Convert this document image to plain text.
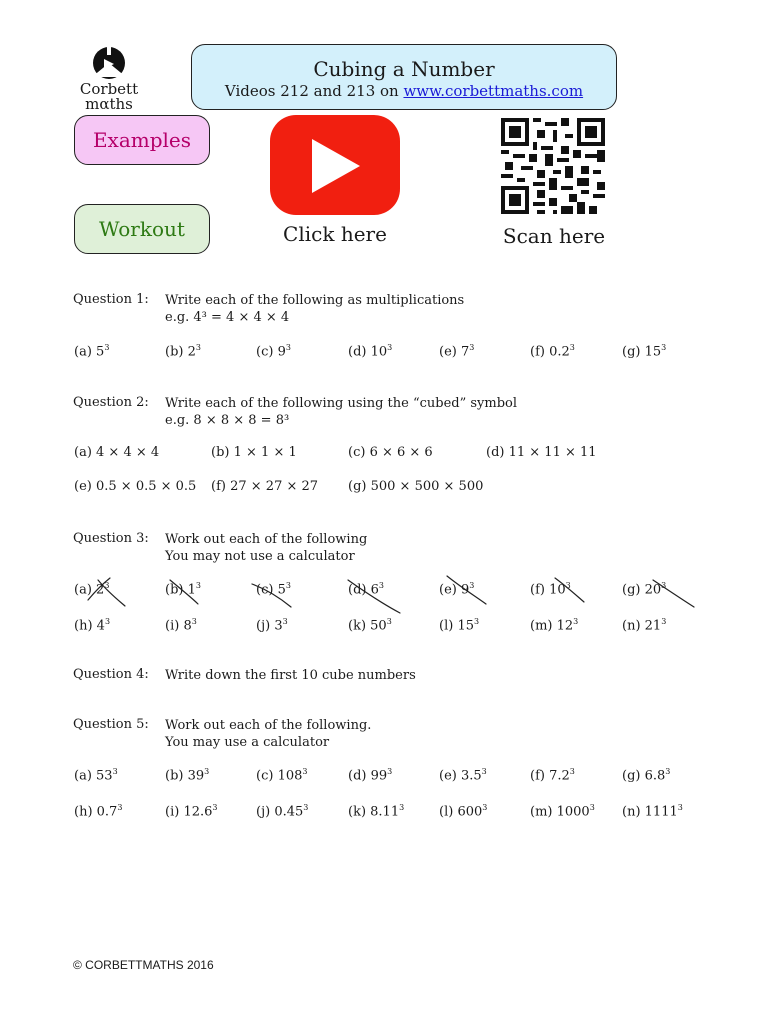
Corbett
mαths
Cubing a Number
Videos 212 and 213 on www.corbettmaths.com
Examples
Workout	Click here	Scan here
Question 1: Write each of the following as multiplications
e.g. 4³ = 4 × 4 × 4
(a) $5^3$	(b) $2^3$	(c) $9^3$	(d) $10^3$	(e) $7^3$	(f) $0.2^3$	(g) $15^3$
Question 2: Write each of the following using the “cubed” symbol
e.g. 8 × 8 × 8 = 8³
(a) 4 × 4 × 4	(b) 1 × 1 × 1	(c) 6 × 6 × 6	(d) 11 × 11 × 11
(e) 0.5 × 0.5 × 0.5 (f) 27 × 27 × 27 (g) 500 × 500 × 500
Question 3: Work out each of the following
You may not use a calculator
(a) $2^3$	(b) $1^3$	(c) $5^3$	(d) $6^3$	(e) $9^3$	(f) $10^3$	(g) $20^3$
(h) $4^3$	(i) $8^3$	(j) $3^3$	(k) $50^3$	(l) $15^3$	(m) $12^3$	(n) $21^3$
Question 4: Write down the first 10 cube numbers
Question 5: Work out each of the following.
You may use a calculator
(a) $53^3$	(b) $39^3$	(c) $108^3$	(d) $99^3$	(e) $3.5^3$	(f) $7.2^3$	(g) $6.8^3$
(h) $0.7^3$	(i) 12.6$^3$	(j) 0.45$^3$	(k) 8.11$^3$	(l) $600^3$	(m) 1000$^3$ (n) 1111$^3$
© CORBETTMATHS 2016
